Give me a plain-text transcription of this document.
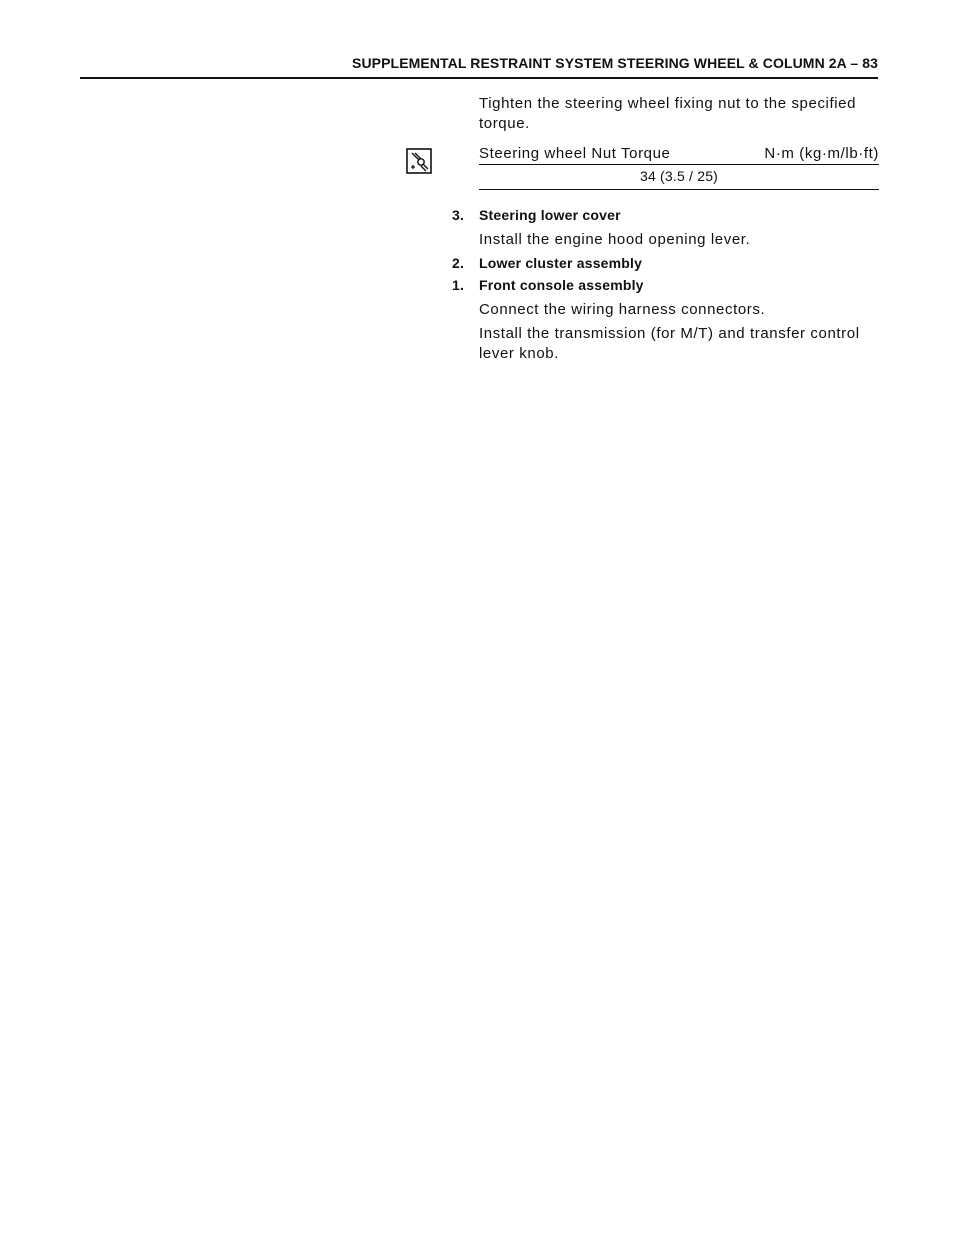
SUPPLEMENTAL RESTRAINT SYSTEM STEERING WHEEL & COLUMN 2A – 83
Tighten the steering wheel fixing nut to the specified torque.
Steering wheel Nut Torque	N·m (kg·m/lb·ft)
34 (3.5 / 25)
3. Steering lower cover
Install the engine hood opening lever.
2. Lower cluster assembly
1. Front console assembly
Connect the wiring harness connectors.
Install the transmission (for M/T) and transfer control lever knob.
